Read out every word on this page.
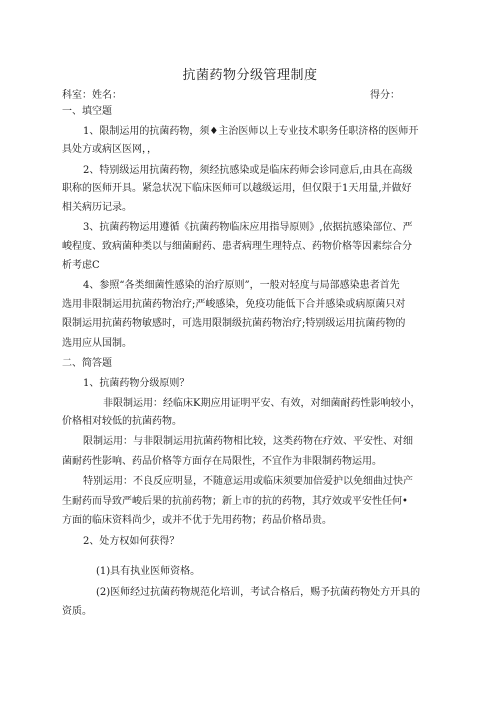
抗菌药物分级管理制度
科室：姓名：	得分：
一、填空题
1、限制运用的抗菌药物，须♦主治医师以上专业技术职务任职济格的医师开
具处方或病区医网，，
2、特别级运用抗菌药物，须经抗感染或是临床药师会诊同意后,由具在高级
职称的医师开具。紧急状况下临床医师可以越级运用，但仅限于1天用量,并做好
相关病历记录。
3、抗菌药物运用遵循《抗菌药物临床应用指导原则》,依据抗感染部位、严
峻程度、致病菌种类以与细菌耐药、患者病理生理特点、药物价格等因素综合分
析考虑C
4、参照“各类细菌性感染的治疗原则”，一般对轻度与局部感染患者首先
选用非限制运用抗菌药物治疗;严峻感染，免疫功能低下合并感染或病原菌只对
限制运用抗菌药物敏感时，可选用限制级抗菌药物治疗;特别级运用抗菌药物的
选用应从国制。
二、简答题
1、抗菌药物分级原则？
非限制运用：经临床K期应用证明平安、有效，对细菌耐药性影响较小，
价格相对较低的抗菌药物。
限制运用：与非限制运用抗菌药物相比较，这类药物在疗效、平安性、对细
菌耐药性影响、药品价格等方面存在局限性，不宜作为非限制药物运用。
特别运用：不良反应明显，不随意运用或临床须要加倍爱护以免细曲过快产
生耐药而导致严峻后果的抗前药物；新上市的抗的药物，其疗效或平安性任何•
方面的临床资料尚少，或并不优于先用药物；药品价格昂贵。
2、处方权如何获得？
(1)具有执业医师资格。
(2)医师经过抗菌药物规范化培训，考试合格后，赐予抗菌药物处方开具的
资质。
